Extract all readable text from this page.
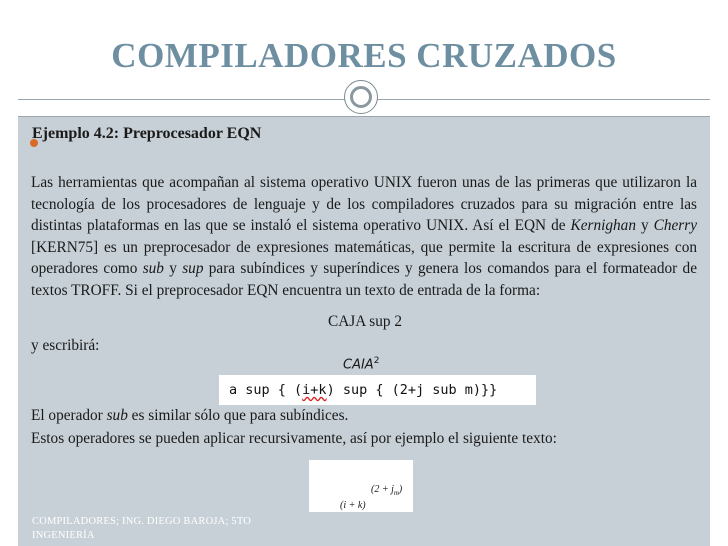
COMPILADORES CRUZADOS
Ejemplo 4.2: Preprocesador EQN
Las herramientas que acompañan al sistema operativo UNIX fueron unas de las primeras que utilizaron la tecnología de los procesadores de lenguaje y de los compiladores cruzados para su migración entre las distintas plataformas en las que se instaló el sistema operativo UNIX. Así el EQN de Kernighan y Cherry [KERN75] es un preprocesador de expresiones matemáticas, que permite la escritura de expresiones con operadores como sub y sup para subíndices y superíndices y genera los comandos para el formateador de textos TROFF. Si el preprocesador EQN encuentra un texto de entrada de la forma:
CAJA sup 2
y escribirá:
CAIA$^2$
a sup { (i+k) sup { (2+j sub m)}}
El operador sub es similar sólo que para subíndices.
Estos operadores se pueden aplicar recursivamente, así por ejemplo el siguiente texto:
(i + k)
$(2 + j_m)$
COMPILADORES; ING. DIEGO BAROJA; 5TO INGENIERÍA
